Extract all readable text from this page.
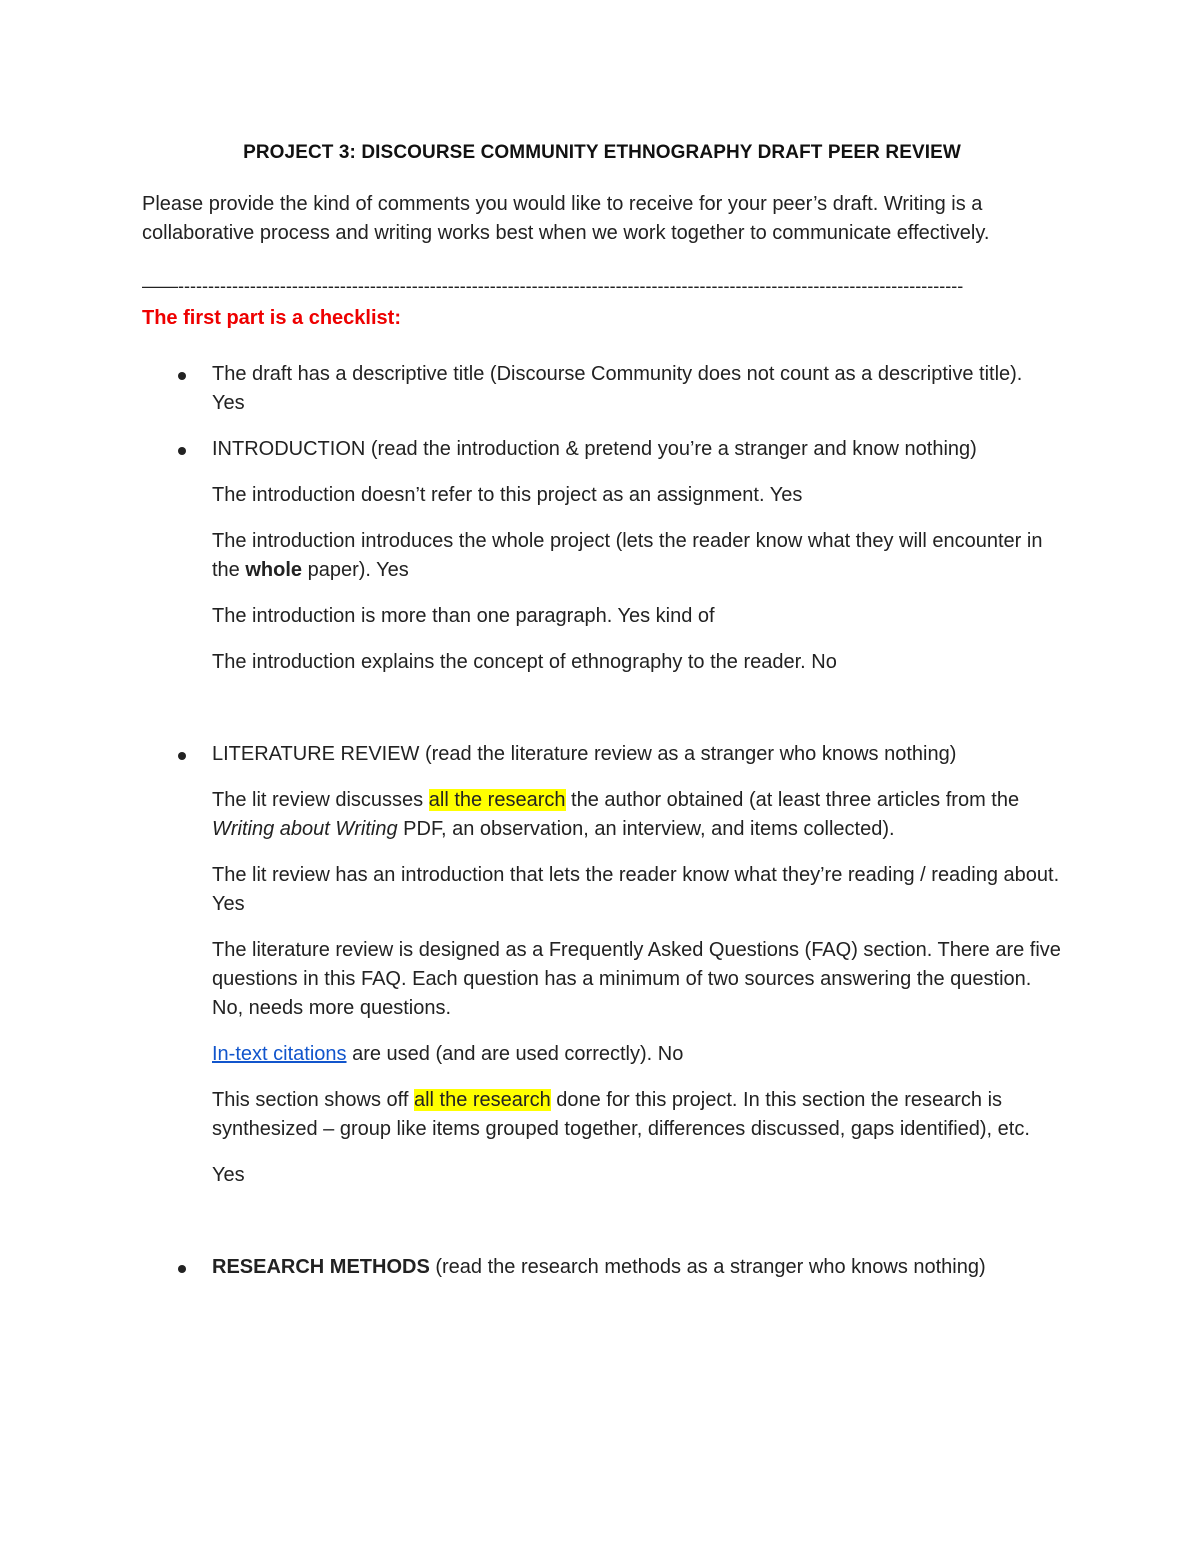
PROJECT 3: DISCOURSE COMMUNITY ETHNOGRAPHY DRAFT PEER REVIEW
Please provide the kind of comments you would like to receive for your peer’s draft. Writing is a collaborative process and writing works best when we work together to communicate effectively.
——-----------------------------------------------------------------------------------------------------------------------------------
The first part is a checklist:
The draft has a descriptive title (Discourse Community does not count as a descriptive title).
Yes
INTRODUCTION (read the introduction & pretend you’re a stranger and know nothing)
The introduction doesn’t refer to this project as an assignment. Yes
The introduction introduces the whole project (lets the reader know what they will encounter in the whole paper). Yes
The introduction is more than one paragraph. Yes kind of
The introduction explains the concept of ethnography to the reader. No
LITERATURE REVIEW (read the literature review as a stranger who knows nothing)
The lit review discusses all the research the author obtained (at least three articles from the Writing about Writing PDF, an observation, an interview, and items collected).
The lit review has an introduction that lets the reader know what they’re reading / reading about. Yes
The literature review is designed as a Frequently Asked Questions (FAQ) section. There are five questions in this FAQ. Each question has a minimum of two sources answering the question. No, needs more questions.
In-text citations are used (and are used correctly). No
This section shows off all the research done for this project. In this section the research is synthesized – group like items grouped together, differences discussed, gaps identified), etc.
Yes
RESEARCH METHODS (read the research methods as a stranger who knows nothing)
